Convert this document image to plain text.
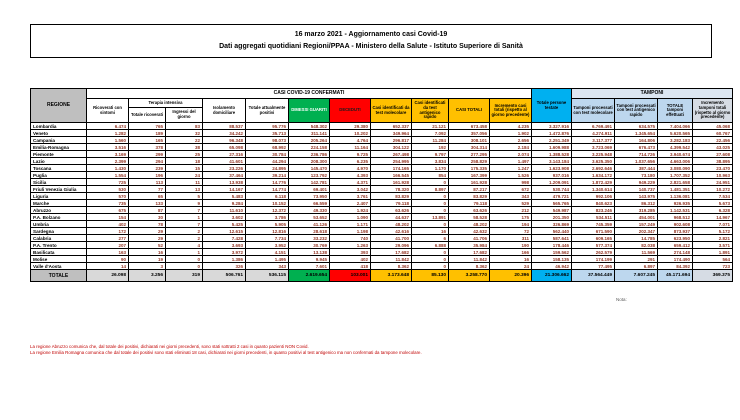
16 marzo 2021 - Aggiornamento casi Covid-19
Dati aggregati quotidiani Regioni/PPAA - Ministero della Salute - Istituto Superiore di Sanità
REGIONE	CASI COVID-19 CONFERMATI											Totale persone testate	TAMPONI			
	Ricoverati con sintomi	Terapia intensiva		Isolamento domiciliare	Totale attualmente positivi	DIMESSI GUARITI	DECEDUTI	Casi identificati da test molecolare	Casi identificati da test antigenico rapido	CASI TOTALI	Incremento casi totali (rispetto al giorno precedente)		Tamponi processati con test molecolare	Tamponi processati con test antigenico rapido	TOTALE tamponi effettuati	Incremento tamponi totali (rispetto al giorno precedente)
		Totale ricoverati	Ingressi del giorno													
Lombardia	6.474	765	83	88.537	95.776	548.302	29.380	652.337	21.121	673.458	4.235	3.327.916	6.769.491	634.575	7.404.066	45.068
Veneto	1.282	189	32	34.242	35.713	311.141	10.202	349.964	7.092	357.056	1.902	1.472.876	4.274.911	1.345.654	5.620.565	60.767
Campania	1.560	165	22	96.348	98.073	205.264	4.764	296.817	11.284	308.101	2.656	2.251.349	3.117.377	164.806	3.282.183	22.456
Emilia-Romagna	3.516	378	38	65.098	68.992	224.158	11.164	304.122	192	304.314	2.184	1.609.988	3.723.069	676.473	4.399.542	43.025
Piemonte	3.169	299	25	27.316	30.784	236.786	9.725	267.498	9.797	277.295	2.074	1.388.528	3.225.948	714.726	3.940.674	27.608
Lazio	2.399	294	18	41.601	44.294	208.300	6.235	254.995	3.834	258.829	1.497	3.143.184	3.625.350	1.037.656	4.663.006	38.895
Toscana	1.430	239	15	23.226	24.895	145.470	4.970	174.165	1.170	175.335	1.247	1.623.908	2.692.646	387.444	3.080.090	23.470
Puglia	1.554	196	24	37.464	39.214	123.792	4.393	166.545	854	167.399	1.526	937.016	1.634.172	73.180	1.707.352	10.963
Sicilia	725	113	11	13.938	14.776	142.781	4.371	161.928	0	161.928	998	1.209.091	1.872.429	949.229	2.821.658	24.951
Friuli Venezia Giulia	530	77	13	14.167	14.774	69.401	3.042	78.320	8.897	87.217	672	530.744	1.340.614	140.737	1.481.351	10.272
Liguria	570	65	5	5.483	6.118	73.950	3.761	83.829	0	83.829	343	479.721	992.106	143.975	1.136.081	7.534
Marche	735	133	9	9.284	10.152	66.559	2.407	79.118	0	79.118	529	565.765	840.623	86.312	926.935	5.673
Abruzzo	675	87	7	11.610	12.372	49.330	1.924	63.626	0	63.626	212	549.987	823.246	319.285	1.142.531	6.328
P.A. Bolzano	154	30	1	3.602	3.786	53.652	1.090	44.637	13.891	58.528	175	201.350	534.511	454.001	968.512	14.967
Umbria	402	78	7	5.425	5.905	41.126	1.171	48.202	0	48.202	194	326.869	745.359	157.249	902.608	7.071
Sardegna	172	29	2	12.615	12.816	28.618	1.198	42.616	16	42.632	72	562.440	671.590	202.347	873.937	5.172
Calabria	277	29	2	7.428	7.734	33.232	740	41.700	6	41.706	311	587.641	609.165	14.785	623.950	2.821
P.A. Trento	207	52	4	3.693	3.952	30.769	1.263	29.096	6.888	35.984	190	178.446	577.374	82.038	659.412	3.571
Basilicata	163	16	1	3.972	4.151	13.138	393	17.682	0	17.682	166	159.562	262.579	11.569	274.148	1.891
Molise	90	19	0	1.386	1.495	9.945	402	11.842	0	11.842	16	158.135	174.199	291	174.490	564
Valle d'Aosta	14	3	0	326	343	7.601	418	8.362	0	8.362	24	46.942	77.495	6.897	84.392	723
TOTALE	26.098	3.256	319	506.761	536.115	2.619.654	103.001	3.173.648	85.130	3.258.770	20.396	21.306.662	37.564.449	7.607.245	45.171.694	369.375
Nota:
La regione Abruzzo comunica che, dal totale dei positivi, dichiarati nei giorni precedenti, sono stati sottratti 2 casi in quanto pazienti NON Covid.
La regione Emilia Romagna comunica che dal totale dei positivi sono stati eliminati 18 casi, dichiarati nei giorni precedenti, in quanto positivi al test antigenico ma non confermati da tampone molecolare.
